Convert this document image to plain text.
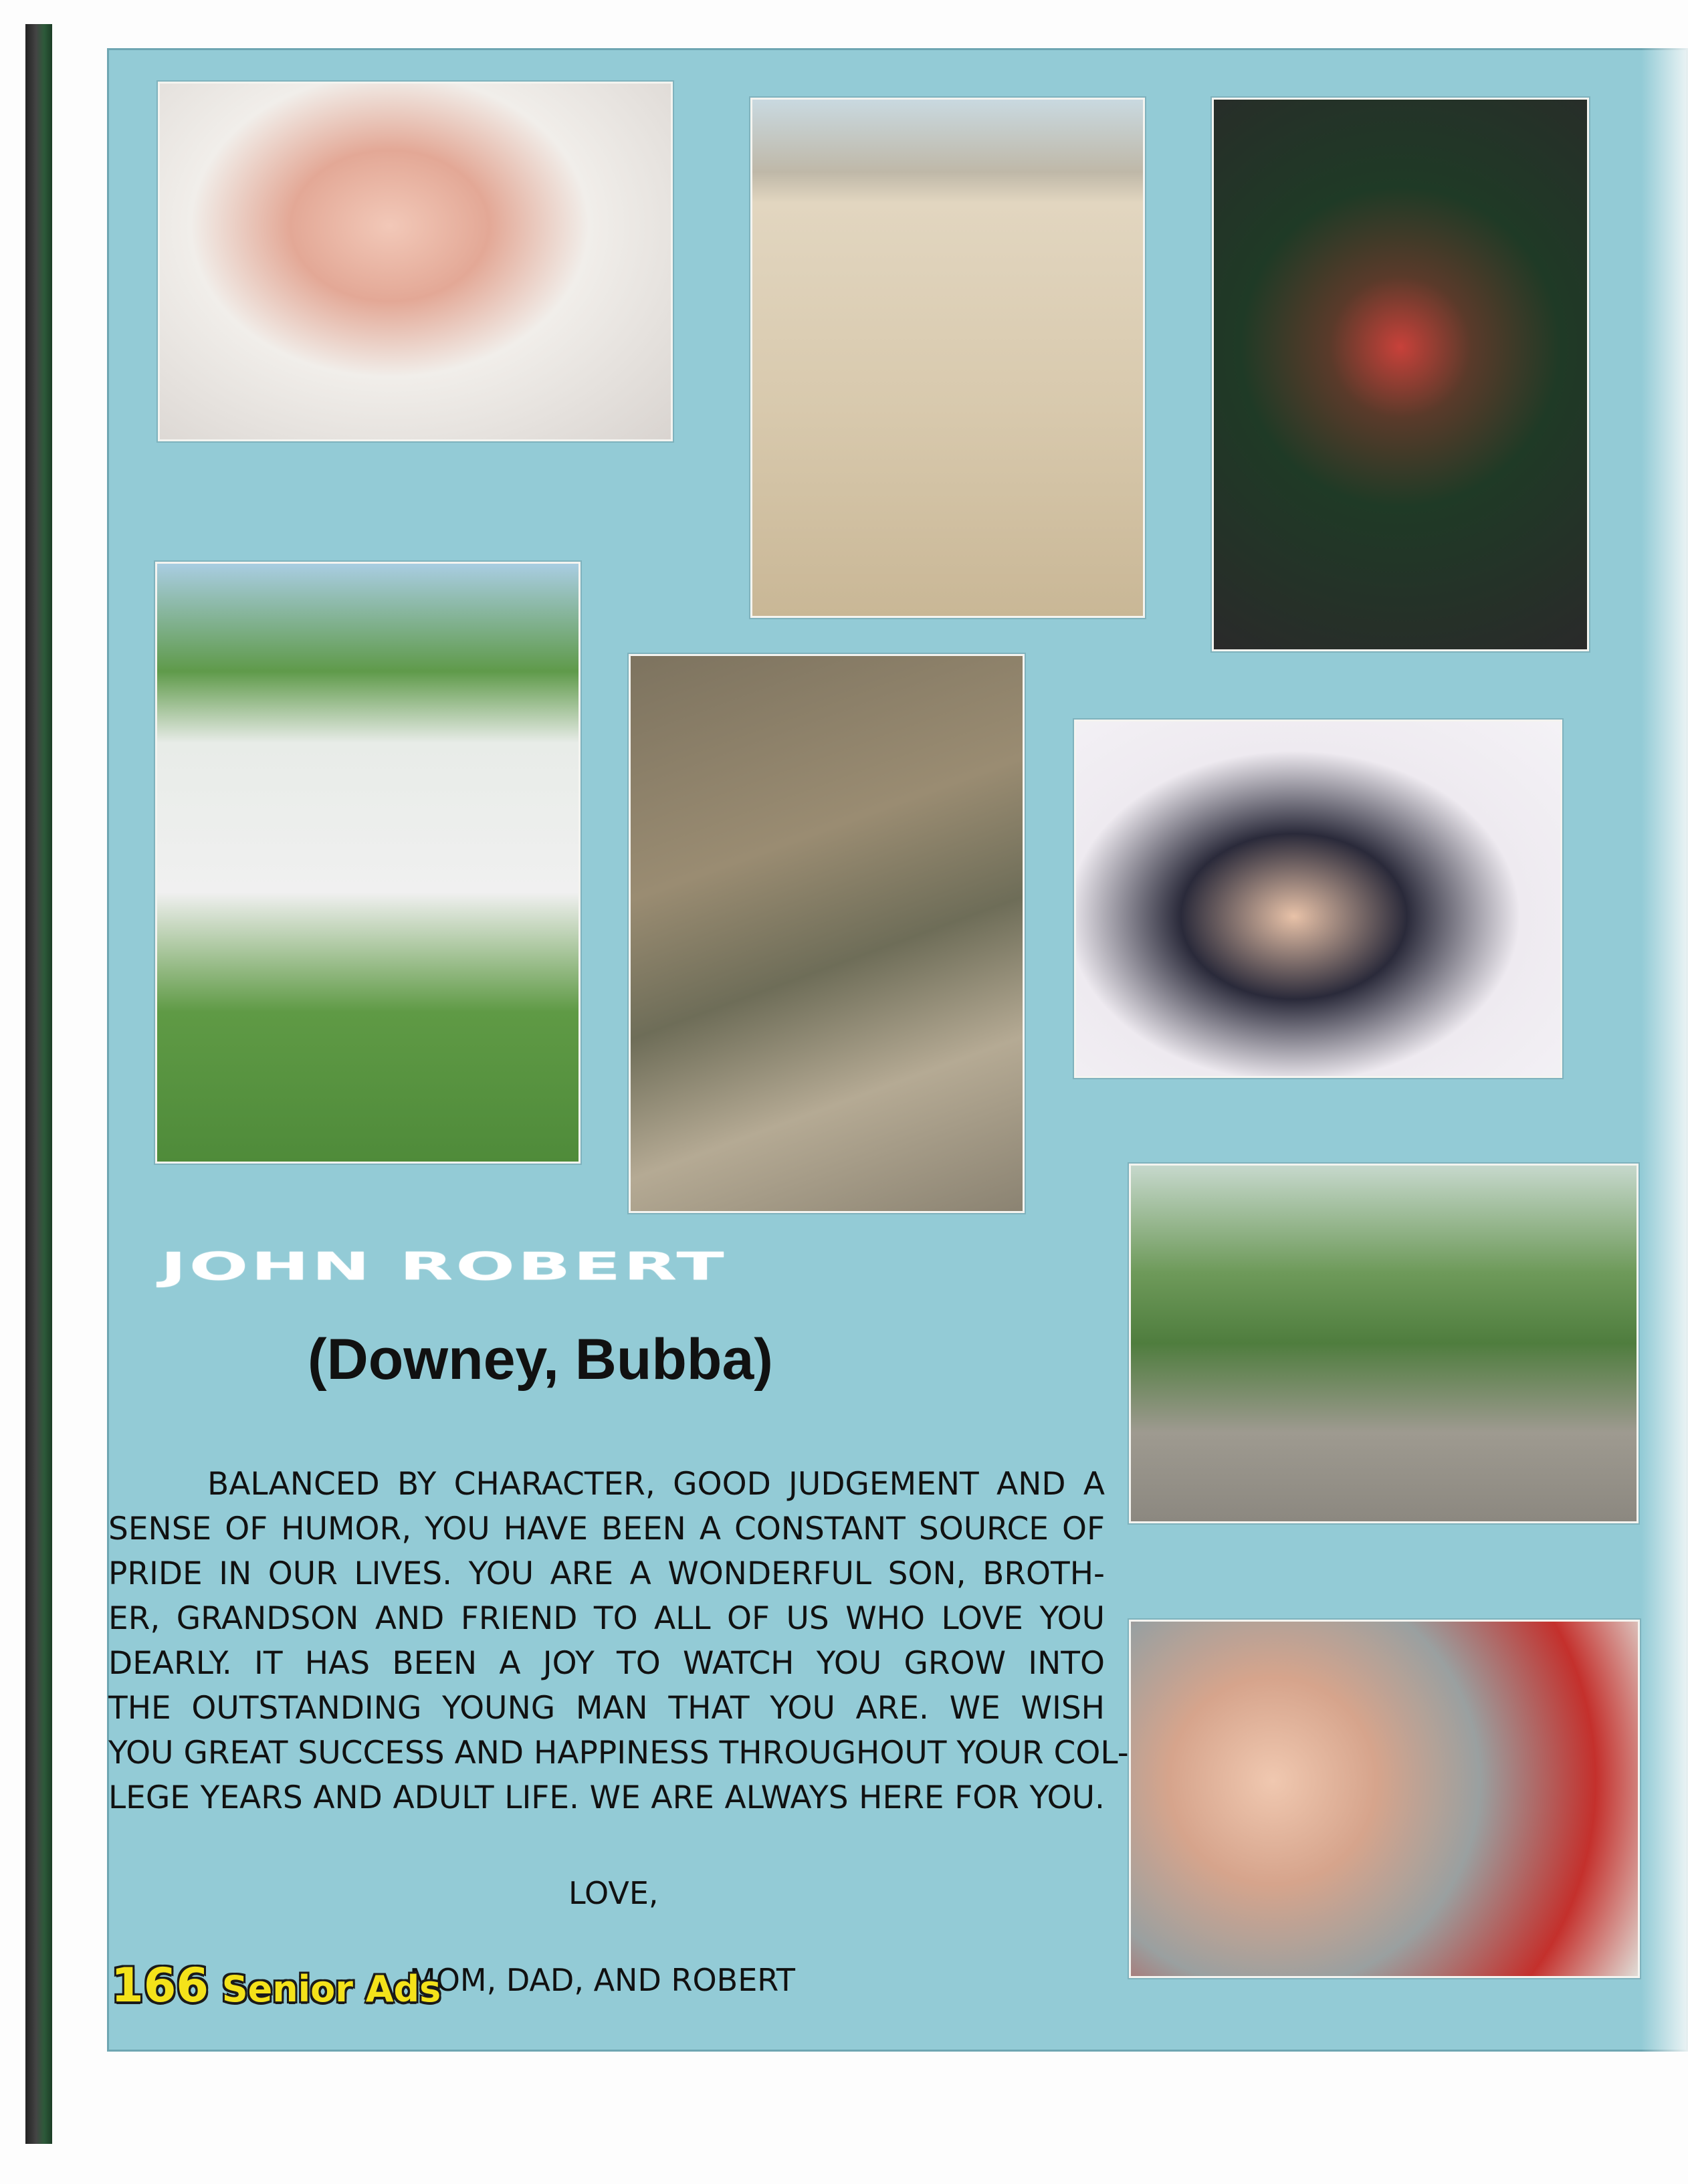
JOHN ROBERT
(Downey, Bubba)

BALANCED BY CHARACTER, GOOD JUDGEMENT AND A
SENSE OF HUMOR, YOU HAVE BEEN A CONSTANT SOURCE OF
PRIDE IN OUR LIVES. YOU ARE A WONDERFUL SON, BROTH-
ER, GRANDSON AND FRIEND TO ALL OF US WHO LOVE YOU
DEARLY. IT HAS BEEN A JOY TO WATCH YOU GROW INTO
THE OUTSTANDING YOUNG MAN THAT YOU ARE. WE WISH
YOU GREAT SUCCESS AND HAPPINESS THROUGHOUT YOUR COL-
LEGE YEARS AND ADULT LIFE. WE ARE ALWAYS HERE FOR YOU.

LOVE,

MOM, DAD, AND ROBERT

166 Senior Ads
